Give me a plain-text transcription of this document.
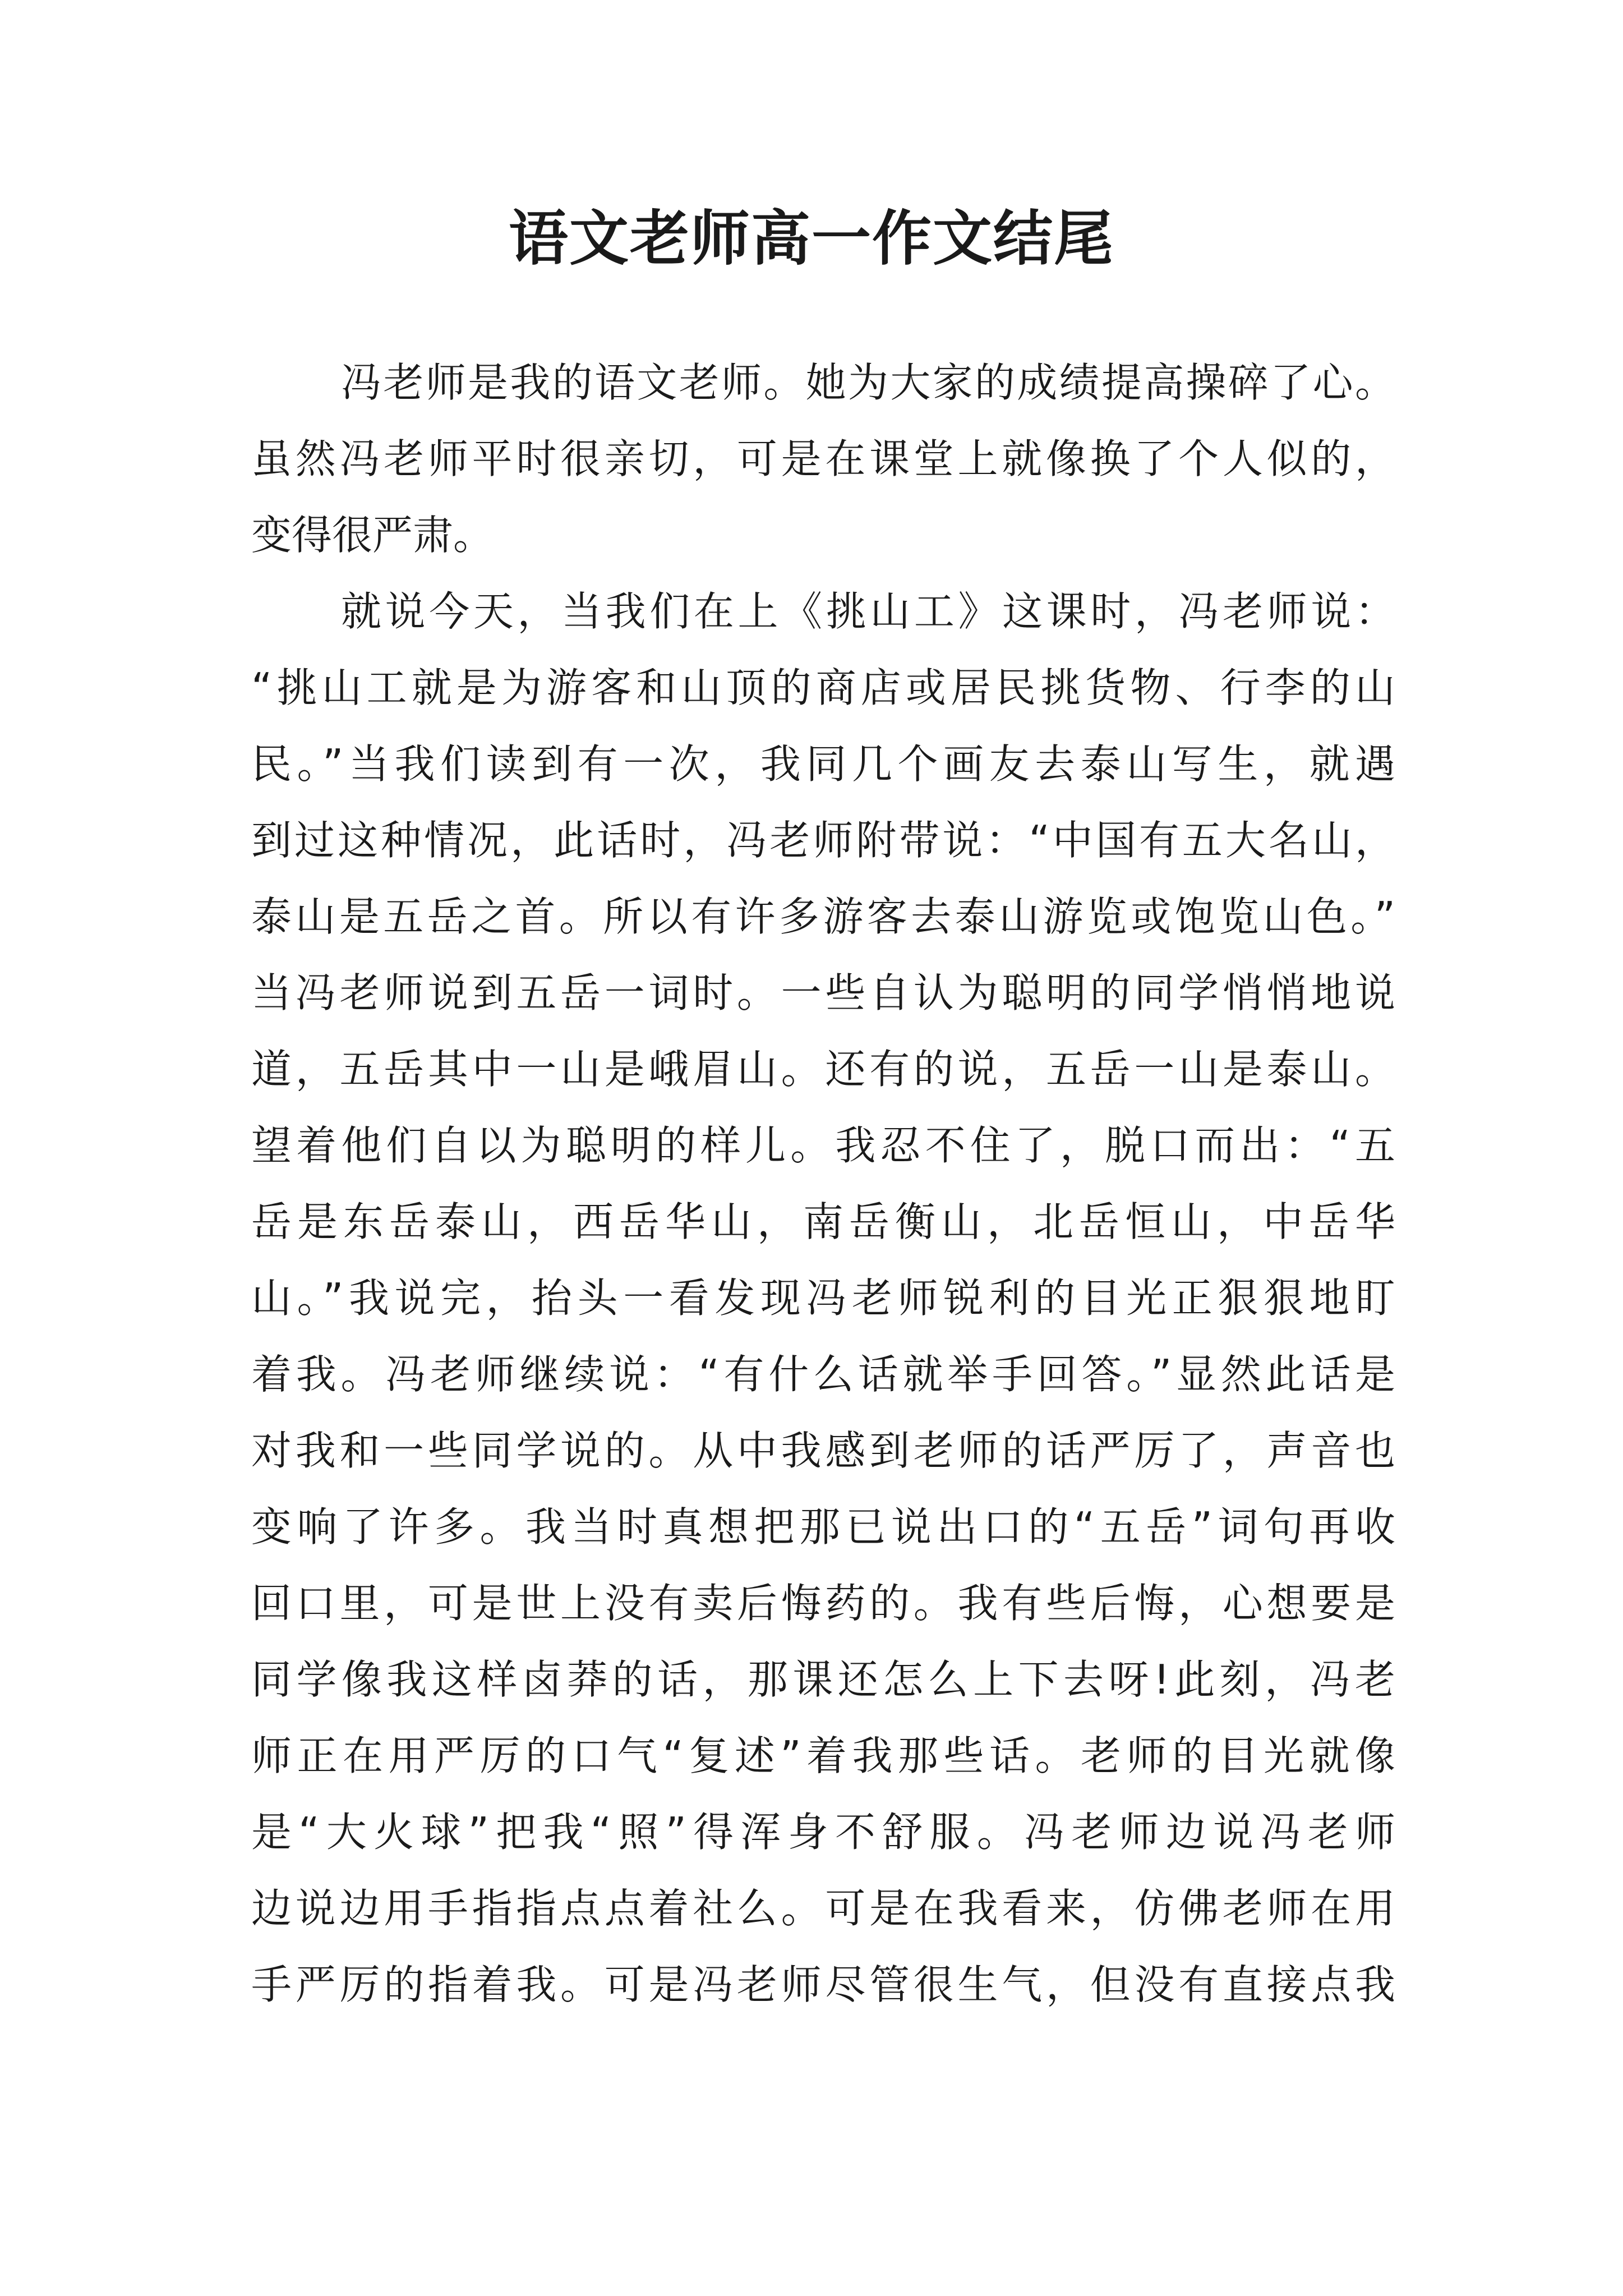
语文老师高一作文结尾

冯老师是我的语文老师。她为大家的成绩提高操碎了心。
虽然冯老师平时很亲切，可是在课堂上就像换了个人似的，
变得很严肃。

就说今天，当我们在上《挑山工》这课时，冯老师说：
“挑山工就是为游客和山顶的商店或居民挑货物、行李的山
民。”当我们读到有一次，我同几个画友去泰山写生，就遇
到过这种情况，此话时，冯老师附带说：“中国有五大名山，
泰山是五岳之首。所以有许多游客去泰山游览或饱览山色。”
当冯老师说到五岳一词时。一些自认为聪明的同学悄悄地说
道，五岳其中一山是峨眉山。还有的说，五岳一山是泰山。
望着他们自以为聪明的样儿。我忍不住了，脱口而出：“五
岳是东岳泰山，西岳华山，南岳衡山，北岳恒山，中岳华
山。”我说完，抬头一看发现冯老师锐利的目光正狠狠地盯
着我。冯老师继续说：“有什么话就举手回答。”显然此话是
对我和一些同学说的。从中我感到老师的话严厉了，声音也
变响了许多。我当时真想把那已说出口的“五岳”词句再收
回口里，可是世上没有卖后悔药的。我有些后悔，心想要是
同学像我这样卤莽的话，那课还怎么上下去呀!此刻，冯老
师正在用严厉的口气“复述”着我那些话。老师的目光就像
是“大火球”把我“照”得浑身不舒服。冯老师边说冯老师
边说边用手指指点点着社么。可是在我看来，仿佛老师在用
手严厉的指着我。可是冯老师尽管很生气，但没有直接点我
